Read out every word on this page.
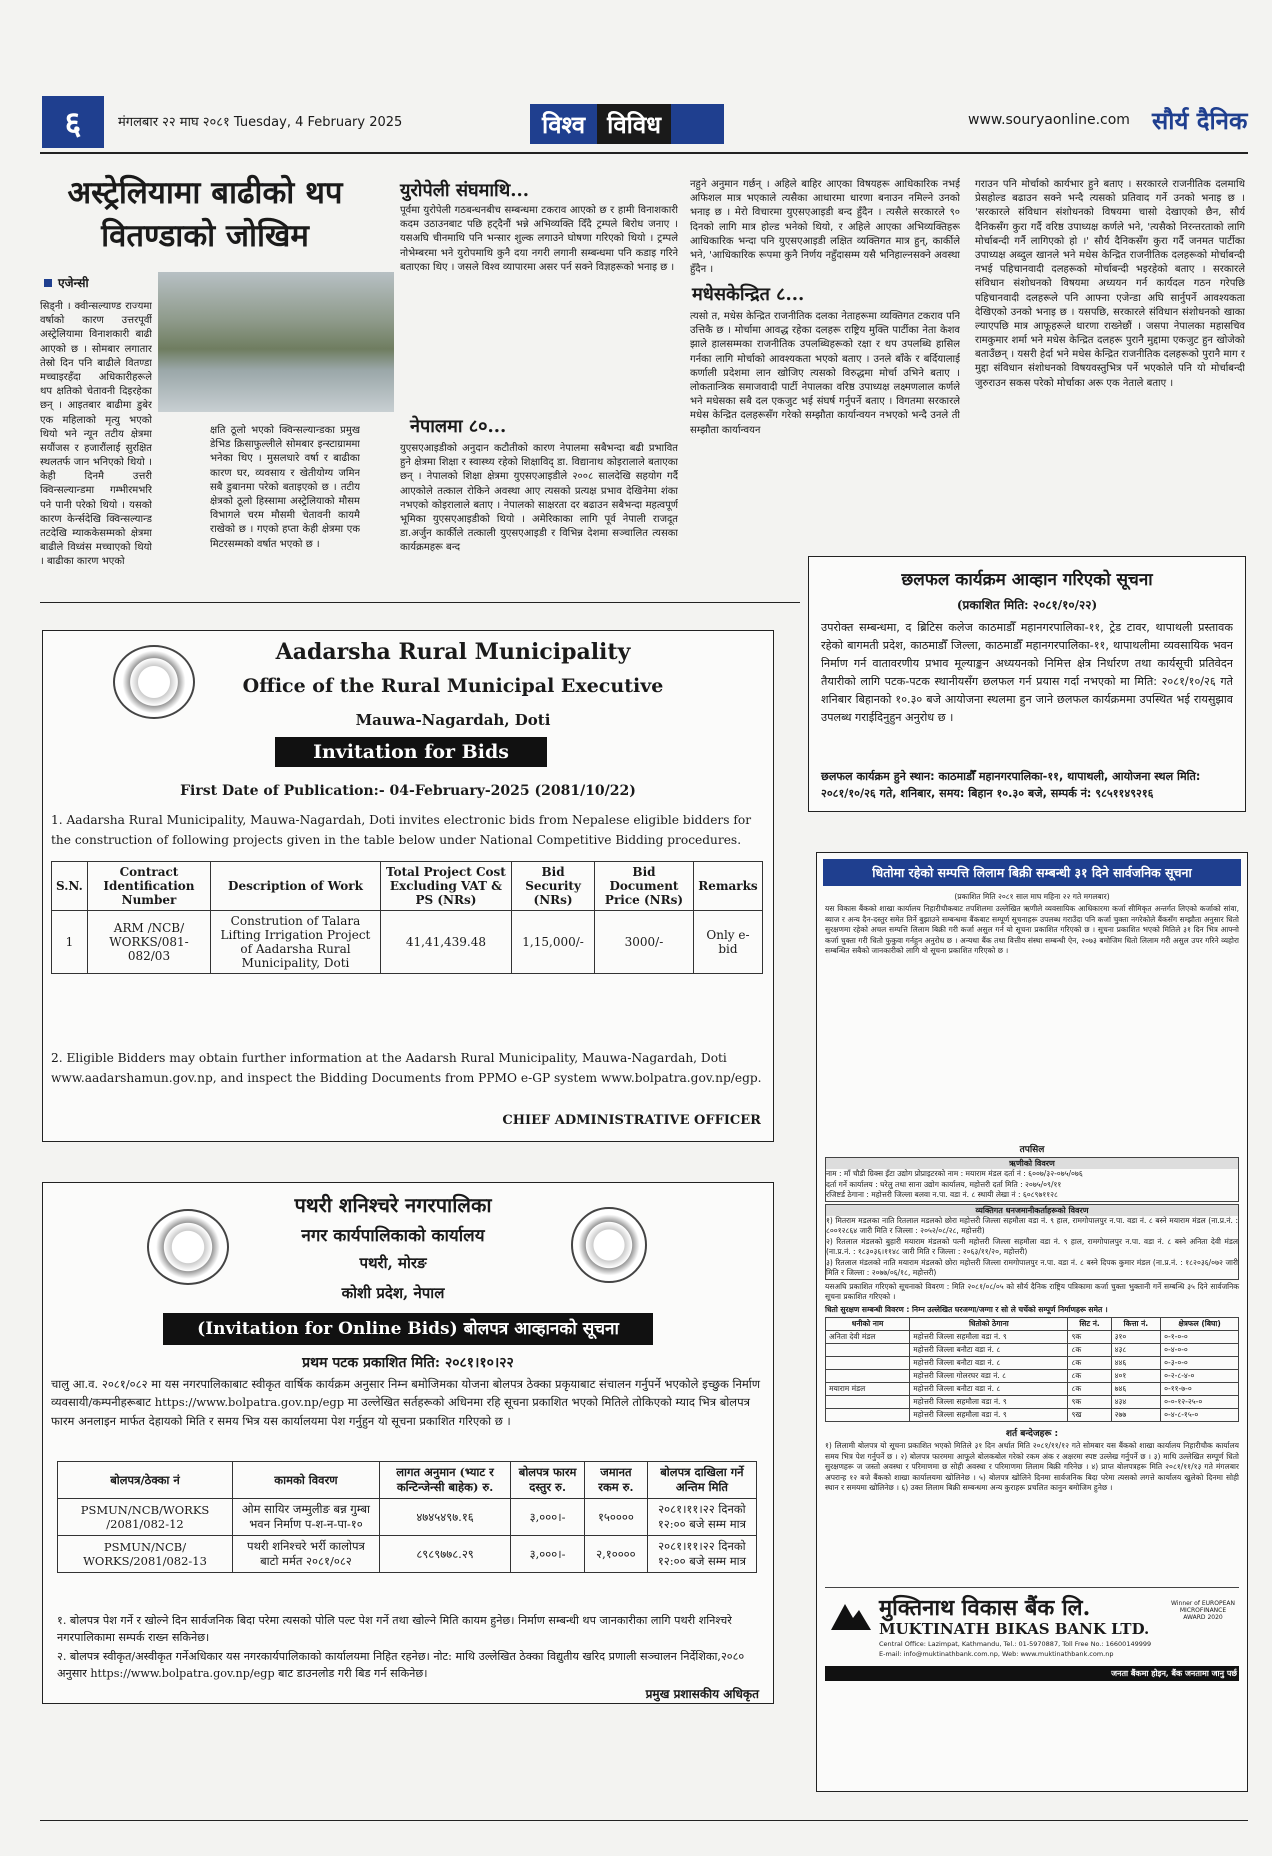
६	मंगलबार २२ माघ २०८१ Tuesday, 4 February 2025	विश्व विविध	www.souryaonline.com सौर्य दैनिक
अस्ट्रेलियामा बाढीको थप
वितण्डाको जोखिम
एजेन्सी
सिड्नी । क्वीन्सल्याण्ड राज्यमा वर्षाको कारण उत्तरपूर्वी अस्ट्रेलियामा विनाशकारी बाढी आएको छ । सोमबार लगातार तेस्रो दिन पनि बाढीले वितण्डा मच्चाइरहँदा अधिकारीहरूले थप क्षतिको चेतावनी दिइरहेका छन् । आइतबार बाढीमा डुबेर एक महिलाको मृत्यु भएको थियो भने न्यून तटीय क्षेत्रमा सयौंजस र हजारौंलाई सुरक्षित स्थलतर्फ जान भनिएको थियो । केही दिनमै उत्तरी क्विन्सल्यान्डमा गम्भीरमभरि पने पानी परेको थियो । यसको कारण केर्न्सदेखि क्विन्सल्यान्ड तटदेखि म्याककेसम्मको क्षेत्रमा बाढीले विध्वंस मच्चाएको थियो । बाढीका कारण भएको
क्षति ठूलो भएको क्विन्सल्यान्डका प्रमुख डेभिड क्रिसाफुल्लीले सोमबार इन्स्टाग्राममा भनेका थिए । मुसलधारे वर्षा र बाढीका कारण घर, व्यवसाय र खेतीयोग्य जमिन सबै डुबानमा परेको बताइएको छ । तटीय क्षेत्रको ठूलो हिस्सामा अस्ट्रेलियाको मौसम विभागले चरम मौसमी चेतावनी कायमै राखेको छ । गएको हप्ता केही क्षेत्रमा एक मिटरसम्मको वर्षात भएको छ ।
युरोपेली संघमाथि...
पूर्वमा युरोपेली गठबन्धनबीच सम्बन्धमा टकराव आएको छ र हामी विनाशकारी कदम उठाउनबाट पछि हट्दैनौं भन्ने अभिव्यक्ति दिँदै ट्रम्पले बिरोध जनाए । यसअघि चीनमाथि पनि भन्सार शुल्क लगाउने घोषणा गरिएको थियो । ट्रम्पले नोभेम्बरमा भने युरोपमाथि कुनै दया नगरी लगानी सम्बन्धमा पनि कडाइ गरिने बताएका थिए । जसले विश्व व्यापारमा असर पर्न सक्ने विज्ञहरूको भनाइ छ ।
नेपालमा ८०...
युएसएआइडीको अनुदान कटौतीको कारण नेपालमा सबैभन्दा बढी प्रभावित हुने क्षेत्रमा शिक्षा र स्वास्थ्य रहेको शिक्षाविद् डा. विद्यानाथ कोइरालाले बताएका छन् । नेपालको शिक्षा क्षेत्रमा युएसएआइडीले २००८ सालदेखि सहयोग गर्दै आएकोले तत्काल रोकिने अवस्था आए त्यसको प्रत्यक्ष प्रभाव देखिनेमा शंका नभएको कोइरालाले बताए । नेपालको साक्षरता दर बढाउन सबैभन्दा महत्वपूर्ण भूमिका युएसएआइडीको थियो । अमेरिकाका लागि पूर्व नेपाली राजदूत डा.अर्जुन कार्कीले तत्काली युएसएआइडी र विभिन्न देशमा सञ्चालित त्यसका कार्यक्रमहरू बन्द
नहुने अनुमान गर्छन् । अहिले बाहिर आएका विषयहरू आधिकारिक नभई अफिशल मात्र भएकाले त्यसैका आधारमा धारणा बनाउन नमिल्ने उनको भनाइ छ । मेरो विचारमा युएसएआइडी बन्द हुँदैन । त्यसैले सरकारले ९० दिनको लागि मात्र होल्ड भनेको थियो, र अहिले आएका अभिव्यक्तिहरू आधिकारिक भन्दा पनि युएसएआइडी लक्षित व्यक्तिगत मात्र हुन्, कार्कीले भने, 'आधिकारिक रूपमा कुनै निर्णय नहुँदासम्म यसै भनिहाल्नसक्ने अवस्था हुँदैन ।
मधेसकेन्द्रित ८...
त्यसो त, मधेस केन्द्रित राजनीतिक दलका नेताहरूमा व्यक्तिगत टकराव पनि उत्तिकै छ । मोर्चामा आवद्ध रहेका दलहरू राष्ट्रिय मुक्ति पार्टीका नेता केशव झाले हालसम्मका राजनीतिक उपलब्धिहरूको रक्षा र थप उपलब्धि हासिल गर्नका लागि मोर्चाको आवश्यकता भएको बताए । उनले बाँके र बर्दियालाई कर्णाली प्रदेशमा लान खोजिए त्यसको विरुद्धमा मोर्चा उभिने बताए । लोकतान्त्रिक समाजवादी पार्टी नेपालका वरिष्ठ उपाध्यक्ष लक्ष्मणलाल कर्णले भने मधेसका सबै दल एकजुट भई संघर्ष गर्नुपर्ने बताए । विगतमा सरकारले मधेस केन्द्रित दलहरूसँग गरेको सम्झौता कार्यान्वयन नभएको भन्दै उनले ती सम्झौता कार्यान्वयन
गराउन पनि मोर्चाको कार्यभार हुने बताए । सरकारले राजनीतिक दलमाथि प्रेसहोल्ड बढाउन सक्ने भन्दै त्यसको प्रतिवाद गर्ने उनको भनाइ छ । 'सरकारले संविधान संशोधनको विषयमा चासो देखाएको छैन, सौर्य दैनिकसँग कुरा गर्दै वरिष्ठ उपाध्यक्ष कर्णले भने, 'त्यसैको निरन्तरताको लागि मोर्चाबन्दी गर्नै लागिएको हो ।' सौर्य दैनिकसँग कुरा गर्दै जनमत पार्टीका उपाध्यक्ष अब्दुल खानले भने मधेस केन्द्रित राजनीतिक दलहरूको मोर्चाबन्दी नभई पहिचानवादी दलहरूको मोर्चाबन्दी भइरहेको बताए । सरकारले संविधान संशोधनको विषयमा अध्ययन गर्न कार्यदल गठन गरेपछि पहिचानवादी दलहरूले पनि आफ्ना एजेन्डा अघि सार्नुपर्ने आवश्यकता देखिएको उनको भनाइ छ । यसपछि, सरकारले संविधान संशोधनको खाका ल्याएपछि मात्र आफूहरूले धारणा राख्नेछौं । जसपा नेपालका महासचिव रामकुमार शर्मा भने मधेस केन्द्रित दलहरू पुरानै मुद्दामा एकजुट हुन खोजेको बताउँछन् । यसरी हेर्दा भने मधेस केन्द्रित राजनीतिक दलहरूको पुरानै माग र मुद्दा संविधान संशोधनको विषयवस्तुभित्र पर्ने भएकोले पनि यो मोर्चाबन्दी जुरुराउन सकस परेको मोर्चाका अरू एक नेताले बताए ।
छलफल कार्यक्रम आव्हान गरिएको सूचना
(प्रकाशित मिति: २०८१/१०/२२)
उपरोक्त सम्बन्धमा, द ब्रिटिस कलेज काठमाडौँ महानगरपालिका-११, ट्रेड टावर, थापाथली प्रस्तावक रहेको बागमती प्रदेश, काठमाडौँ जिल्ला, काठमाडौँ महानगरपालिका-११, थापाथलीमा व्यवसायिक भवन निर्माण गर्न वातावरणीय प्रभाव मूल्याङ्कन अध्ययनको निमित्त क्षेत्र निर्धारण तथा कार्यसूची प्रतिवेदन तैयारीको लागि पटक-पटक स्थानीयसँग छलफल गर्न प्रयास गर्दा नभएको मा मिति: २०८१/१०/२६ गते शनिबार बिहानको १०.३० बजे आयोजना स्थलमा हुन जाने छलफल कार्यक्रममा उपस्थित भई रायसुझाव उपलब्ध गराईदिनुहुन अनुरोध छ ।
छलफल कार्यक्रम हुने स्थान: काठमाडौँ महानगरपालिका-११, थापाथली, आयोजना स्थल मिति: २०८१/१०/२६ गते, शनिबार, समय: बिहान १०.३० बजे, सम्पर्क नं: ९८५११४९२१६
Aadarsha Rural Municipality
Office of the Rural Municipal Executive
Mauwa-Nagardah, Doti
Invitation for Bids
First Date of Publication:- 04-February-2025 (2081/10/22)
1. Aadarsha Rural Municipality, Mauwa-Nagardah, Doti invites electronic bids from Nepalese eligible bidders for the construction of following projects given in the table below under National Competitive Bidding procedures.
S.N.	Contract Identification Number	Description of Work	Total Project Cost Excluding VAT & PS (NRs)	Bid Security (NRs)	Bid Document Price (NRs)	Remarks
1	ARM /NCB/ WORKS/081-082/03	Constrution of Talara Lifting Irrigation Project of Aadarsha Rural Municipality, Doti	41,41,439.48	1,15,000/-	3000/-	Only e-bid
2. Eligible Bidders may obtain further information at the Aadarsh Rural Municipality, Mauwa-Nagardah, Doti www.aadarshamun.gov.np, and inspect the Bidding Documents from PPMO e-GP system www.bolpatra.gov.np/egp.
CHIEF ADMINISTRATIVE OFFICER
पथरी शनिश्चरे नगरपालिका
नगर कार्यपालिकाको कार्यालय
पथरी, मोरङ
कोशी प्रदेश, नेपाल
(Invitation for Online Bids) बोलपत्र आव्हानको सूचना
प्रथम पटक प्रकाशित मिति: २०८१।१०।२२
चालु आ.व. २०८१/०८२ मा यस नगरपालिकाबाट स्वीकृत वार्षिक कार्यक्रम अनुसार निम्न बमोजिमका योजना बोलपत्र ठेक्का प्रकृयाबाट संचालन गर्नुपर्ने भएकोले इच्छुक निर्माण व्यवसायी/कम्पनीहरूबाट https://www.bolpatra.gov.np/egp मा उल्लेखित सर्तहरूको अधिनमा रहि सूचना प्रकाशित भएको मितिले तोकिएको म्याद भित्र बोलपत्र फारम अनलाइन मार्फत देहायको मिति र समय भित्र यस कार्यालयमा पेश गर्नुहुन यो सूचना प्रकाशित गरिएको छ ।
बोलपत्र/ठेक्का नं	कामको विवरण	लागत अनुमान (भ्याट र कन्टिन्जेन्सी बाहेक) रु.	बोलपत्र फारम दस्तुर रु.	जमानत रकम रु.	बोलपत्र दाखिला गर्ने अन्तिम मिति
PSMUN/NCB/WORKS /2081/082-12	ओम सायिर जम्मुलीङ बन्न गुम्बा भवन निर्माण प-श-न-पा-१०	४७४५४९७.१६	३,०००।-	१५००००	२०८१।११।२२ दिनको १२:०० बजे सम्म मात्र
PSMUN/NCB/ WORKS/2081/082-13	पथरी शनिश्चरे भर्री कालोपत्र बाटो मर्मत २०८१/०८२	८९८९७७८.२९	३,०००।-	२,१००००	२०८१।११।२२ दिनको १२:०० बजे सम्म मात्र
१. बोलपत्र पेश गर्ने र खोल्ने दिन सार्वजनिक बिदा परेमा त्यसको पोलि पल्ट पेश गर्ने तथा खोल्ने मिति कायम हुनेछ। निर्माण सम्बन्धी थप जानकारीका लागि पथरी शनिश्चरे नगरपालिकामा सम्पर्क राख्न सकिनेछ।
२. बोलपत्र स्वीकृत/अस्वीकृत गर्नेअधिकार यस नगरकार्यपालिकाको कार्यालयमा निहित रहनेछ। नोट: माथि उल्लेखित ठेक्का विद्युतीय खरिद प्रणाली सञ्चालन निर्देशिका,२०८० अनुसार https://www.bolpatra.gov.np/egp बाट डाउनलोड गरी बिड गर्न सकिनेछ।
प्रमुख प्रशासकीय अधिकृत
धितोमा रहेको सम्पत्ति लिलाम बिक्री सम्बन्धी ३१ दिने सार्वजनिक सूचना
(प्रकाशित मिति २०८१ साल माघ महिना २२ गते मगलबार)
यस विकास बैंकको शाखा कार्यालय निहारीचौकबाट तपशिलमा उल्लेखित ऋणीले व्यवसायिक आधिकारमा कर्जा सीमिकृत अन्तर्गत लिएको कर्जाको सांवा, ब्याज र अन्य दैन-दस्तुर समेत तिर्ने बुझाउने सम्बन्धमा बैंकबाट सम्पूर्ण सूचनाहरू उपलब्ध गराउँदा पनि कर्जा चुक्ता नगरेकोले बैंकसँग सम्झौता अनुसार धितो सुरक्षणमा रहेको अचल सम्पत्ति लिलाम बिक्री गरी कर्जा असुल गर्न यो सूचना प्रकाशित गरिएको छ । सूचना प्रकाशित भएको मितिले ३१ दिन भित्र आफ्नो कर्जा चुक्ता गरी धितो फुकुवा गर्नहुन अनुरोध छ । अन्यथा बैंक तथा वित्तीय संस्था सम्बन्धी ऐन, २०७३ बमोजिम धितो लिलाम गरी असुल उपर गरिने व्यहोरा सम्बन्धित सबैको जानकारीको लागि यो सूचना प्रकाशित गरिएको छ ।
तपसिल
ऋणीको विवरण
नाम : माँ चौडी ग्रिक्स इँटा उद्योग प्रोप्राइटरको नाम : मयाराम मंडल दर्ता नं : ६००७/३२-०७५/०७६
दर्ता गर्ने कार्यालय : घरेलु तथा साना उद्योग कार्यालय, महोत्तरी दर्ता मिति : २०७५/०९/११
रजिष्टर्ड ठेगाना : महोत्तरी जिल्ला बलवा न.पा. वडा नं. ८ स्थायी लेखा नं : ६०८९७११२८
व्यक्तिगत धनजमानीकर्ताहरूको विवरण
१) मितराम मडलका नाति रितलाल मडलको छोरा महोत्तरी जिल्ला सहमौला वडा नं. ९ हाल, रामगोपालपुर न.पा. वडा नं. ८ बस्ने मयाराम मंडल (ना.प्र.नं. : ८००१२८६४ जारी मिति र जिल्ला : २०५२/०८/२८, महोत्तरी)
२) रितलाल मंडलको बुहारी मयाराम मंडलको पत्नी महोत्तरी जिल्ला सहमौला वडा नं. ९ हाल, रामगोपालपुर न.पा. वडा नं. ८ बस्ने अनिता देवी मंडल (ना.प्र.नं. : १८३०३६।११४८ जारी मिति र जिल्ला : २०६३/११/२०, महोत्तरी)
३) रितलाल मंडलको नाति मयाराम मंडलको छोरा महोत्तरी जिल्ला रामगोपालपुर न.पा. वडा नं. ८ बस्ने दिपक कुमार मंडल (ना.प्र.नं. : १८२०३६/०७२ जारी मिति र जिल्ला : २०७७/०६/१८, महोत्तरी)
यसअघि प्रकाशित गरिएको सूचनाको विवरण : मिति २०८१/०८/०५ को सौर्य दैनिक राष्ट्रिय पत्रिकामा कर्जा चुक्ता भुक्तानी गर्ने सम्बन्धि ३५ दिने सार्वजनिक सूचना प्रकाशित गरिएको ।
धितो सुरक्षण सम्बन्धी विवरण : निम्न उल्लेखित घरजग्गा/जग्गा र सो ले चर्चेको सम्पूर्ण निर्माणहरू समेत ।
धनीको नाम	धितोको ठेगाना	सिट नं.	कित्ता नं.	क्षेत्रफल (बिघा)
अनिता देवी मंडल	महोत्तरी जिल्ला सहमौला वडा नं. ९	९क	३१०	०-१-०-०
	महोत्तरी जिल्ला बनौटा वडा नं. ८	८क	४३८	०-४-०-०
	महोत्तरी जिल्ला बनौटा वडा नं. ८	८क	४४६	०-३-०-०
	महोत्तरी जिल्ला गोलरघर वडा नं. ८	८क	४०१	०-२-८-४-०
मयाराम मंडल	महोत्तरी जिल्ला बनौटा वडा नं. ८	८क	७४६	०-११-७-०
	महोत्तरी जिल्ला सहमौला वडा नं. ९	९क	४३४	०-०-१२-२५-०
	महोत्तरी जिल्ला सहमौला वडा नं. ९	९ख	२७७	०-४-८-१५-०
शर्त बन्देजहरू :
१) लिलामी बोलपत्र यो सूचना प्रकाशित भएको मितिले ३१ दिन अर्थात मिति २०८१/११/१२ गते सोमबार यस बैंकको शाखा कार्यालय निहारीचौक कार्यालय समय भित्र पेश गर्नुपर्ने छ । २) बोलपत्र फारममा आफूले बोलकबोल गरेको रकम अंक र अक्षरमा स्पष्ट उल्लेख गर्नुपर्ने छ । ३) माथि उल्लेखित सम्पूर्ण धितो सुरक्षणहरू ज जस्तो अवस्था र परिमाणमा छ सोही अवस्था र परिमाणमा लिलाम बिक्री गरिनेछ । ४) प्राप्त बोलपत्रहरू मिति २०८१/११/१३ गते मंगलबार अपरान्ह १२ बजे बैंकको शाखा कार्यालयमा खोलिनेछ । ५) बोलपत्र खोलिने दिनमा सार्वजनिक बिदा परेमा त्यसको लगत्ते कार्यालय खुलेको दिनमा सोही स्थान र समयमा खोलिनेछ । ६) उक्त लिलाम बिक्री सम्बन्धमा अन्य कुराहरू प्रचलित कानुन बमोजिम हुनेछ ।
मुक्तिनाथ विकास बैंक लि.
MUKTINATH BIKAS BANK LTD.
Central Office: Lazimpat, Kathmandu, Tel.: 01-5970887, Toll Free No.: 16600149999
E-mail: info@muktinathbank.com.np, Web: www.muktinathbank.com.np
Winner of EUROPEAN MICROFINANCE AWARD 2020
जनता बैंकमा होइन, बैंक जनतामा जानु पर्छ
